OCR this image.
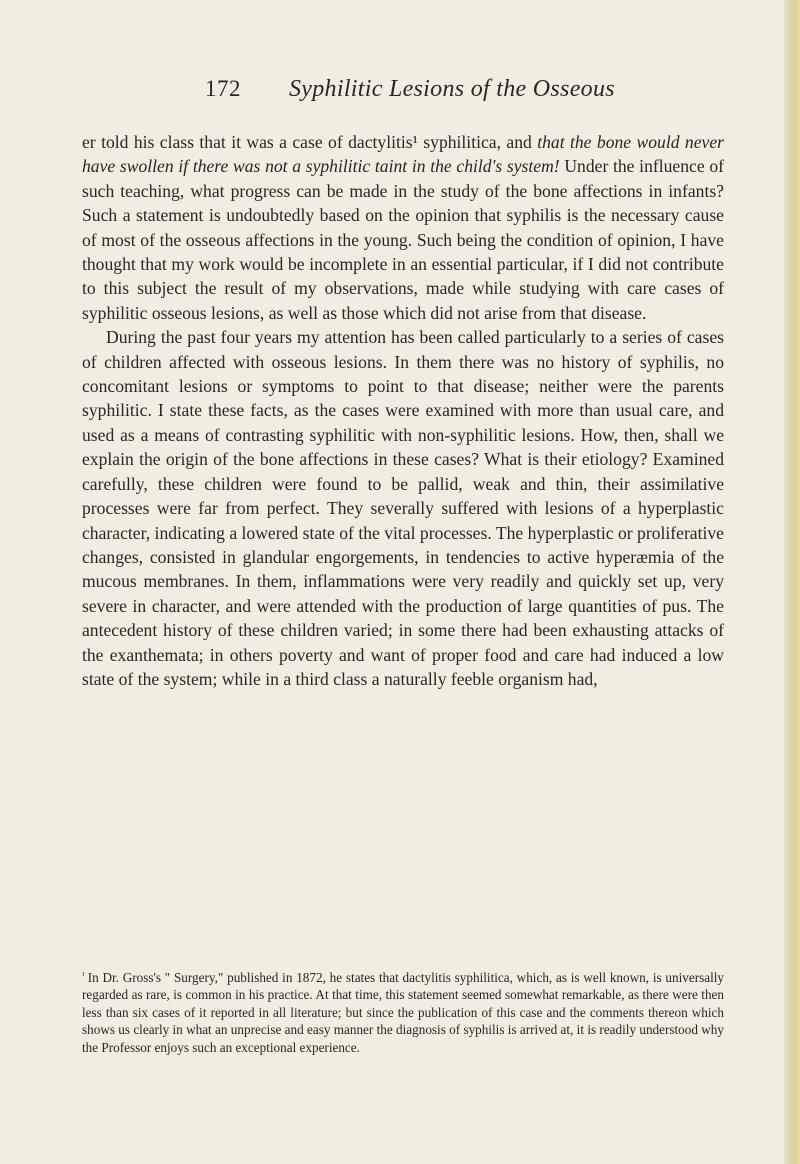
172 Syphilitic Lesions of the Osseous

er told his class that it was a case of dactylitis¹ syphilitica, and that the bone would never have swollen if there was not a syphilitic taint in the child's system! Under the influence of such teaching, what progress can be made in the study of the bone affections in infants? Such a statement is undoubtedly based on the opinion that syphilis is the necessary cause of most of the osseous affections in the young. Such being the condition of opinion, I have thought that my work would be incomplete in an essential particular, if I did not contribute to this subject the result of my observations, made while studying with care cases of syphilitic osseous lesions, as well as those which did not arise from that disease.

During the past four years my attention has been called particularly to a series of cases of children affected with osseous lesions. In them there was no history of syphilis, no concomitant lesions or symptoms to point to that disease; neither were the parents syphilitic. I state these facts, as the cases were examined with more than usual care, and used as a means of contrasting syphilitic with non-syphilitic lesions. How, then, shall we explain the origin of the bone affections in these cases? What is their etiology? Examined carefully, these children were found to be pallid, weak and thin, their assimilative processes were far from perfect. They severally suffered with lesions of a hyperplastic character, indicating a lowered state of the vital processes. The hyperplastic or proliferative changes, consisted in glandular engorgements, in tendencies to active hyperæmia of the mucous membranes. In them, inflammations were very readily and quickly set up, very severe in character, and were attended with the production of large quantities of pus. The antecedent history of these children varied; in some there had been exhausting attacks of the exanthemata; in others poverty and want of proper food and care had induced a low state of the system; while in a third class a naturally feeble organism had,

$^{^1}$ In Dr. Gross's " Surgery," published in 1872, he states that dactylitis syphilitica, which, as is well known, is universally regarded as rare, is common in his practice. At that time, this statement seemed somewhat remarkable, as there were then less than six cases of it reported in all literature; but since the publication of this case and the comments thereon which shows us clearly in what an unprecise and easy manner the diagnosis of syphilis is arrived at, it is readily understood why the Professor enjoys such an exceptional experience.
